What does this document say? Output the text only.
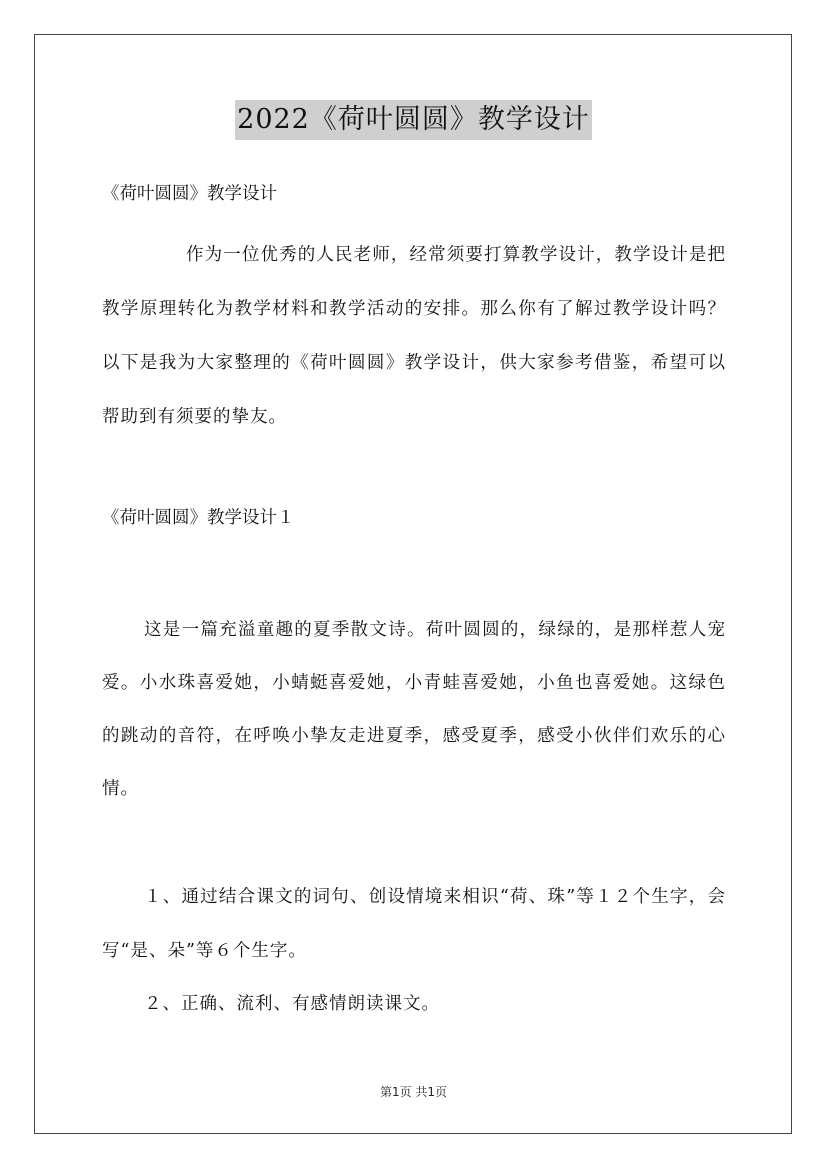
2022《荷叶圆圆》教学设计
《荷叶圆圆》教学设计
作为一位优秀的人民老师，经常须要打算教学设计，教学设计是把教学原理转化为教学材料和教学活动的安排。那么你有了解过教学设计吗？以下是我为大家整理的《荷叶圆圆》教学设计，供大家参考借鉴，希望可以帮助到有须要的挚友。
《荷叶圆圆》教学设计１
这是一篇充溢童趣的夏季散文诗。荷叶圆圆的，绿绿的，是那样惹人宠爱。小水珠喜爱她，小蜻蜓喜爱她，小青蛙喜爱她，小鱼也喜爱她。这绿色的跳动的音符，在呼唤小挚友走进夏季，感受夏季，感受小伙伴们欢乐的心情。
１、通过结合课文的词句、创设情境来相识“荷、珠”等１２个生字，会写“是、朵”等６个生字。
２、正确、流利、有感情朗读课文。
第1页 共1页
